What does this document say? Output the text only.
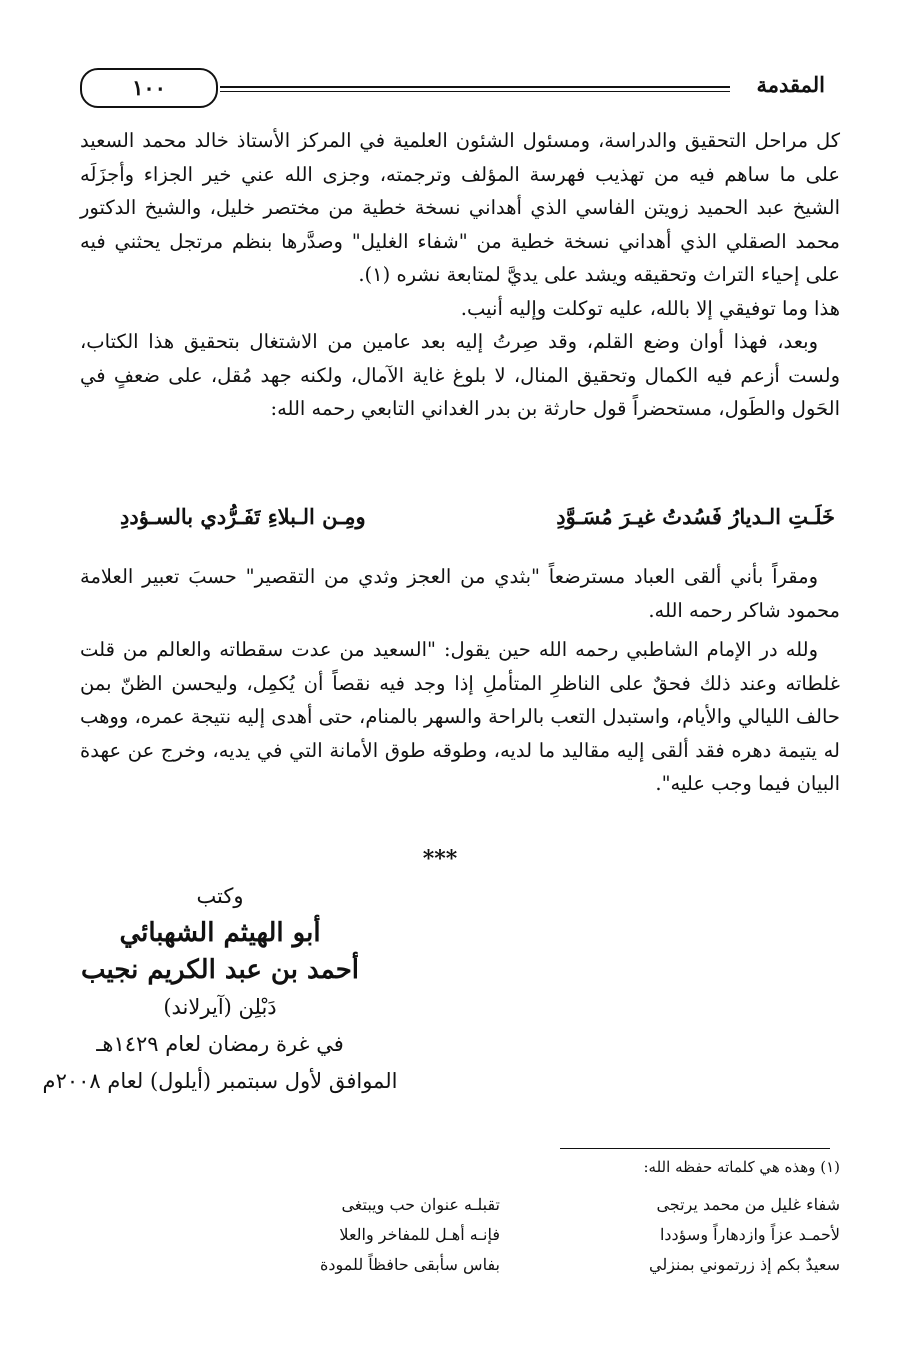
المقدمة
١٠٠

كل مراحل التحقيق والدراسة، ومسئول الشئون العلمية في المركز الأستاذ خالد محمد السعيد على ما ساهم فيه من تهذيب فهرسة المؤلف وترجمته، وجزى الله عني خير الجزاء وأجزَلَه الشيخ عبد الحميد زويتن الفاسي الذي أهداني نسخة خطية من مختصر خليل، والشيخ الدكتور محمد الصقلي الذي أهداني نسخة خطية من "شفاء الغليل" وصدَّرها بنظم مرتجل يحثني فيه على إحياء التراث وتحقيقه ويشد على يديَّ لمتابعة نشره (١).

هذا وما توفيقي إلا بالله، عليه توكلت وإليه أنيب.

وبعد، فهذا أوان وضع القلم، وقد صِرتُ إليه بعد عامين من الاشتغال بتحقيق هذا الكتاب، ولست أزعم فيه الكمال وتحقيق المنال، لا بلوغ غاية الآمال، ولكنه جهد مُقل، على ضعفٍ في الحَول والطَول، مستحضراً قول حارثة بن بدر الغداني التابعي رحمه الله:

خَلَـتِ الـديارُ فَسُدتُ غيـرَ مُسَـوَّدِ
ومِـن الـبلاءِ تَفَـرُّدي بالسـؤددِ

ومقراً بأني ألقى العباد مسترضعاً "بثدي من العجز وثدي من التقصير" حسبَ تعبير العلامة محمود شاكر رحمه الله.

ولله در الإمام الشاطبي رحمه الله حين يقول: "السعيد من عدت سقطاته والعالم من قلت غلطاته وعند ذلك فحقٌ على الناظرِ المتأملِ إذا وجد فيه نقصاً أن يُكمِل، وليحسن الظنّ بمن حالف الليالي والأيام، واستبدل التعب بالراحة والسهر بالمنام، حتى أهدى إليه نتيجة عمره، ووهب له يتيمة دهره فقد ألقى إليه مقاليد ما لديه، وطوقه طوق الأمانة التي في يديه، وخرج عن عهدة البيان فيما وجب عليه".

***
وكتب
أبو الهيثم الشهبائي
أحمد بن عبد الكريم نجيب
دَبْلِن (آيرلاند)
في غرة رمضان لعام ١٤٢٩هـ
الموافق لأول سبتمبر (أيلول) لعام ٢٠٠٨م
(١) وهذه هي كلماته حفظه الله:
شفاء غليل من محمد يرتجى
تقبلـه عنوان حب ويبتغى
لأحمـد عزاً وازدهاراً وسؤددا
فإنـه أهـل للمفاخر والعلا
سعيدٌ بكم إذ زرتموني بمنزلي
بفاس سأبقى حافظاً للمودة
